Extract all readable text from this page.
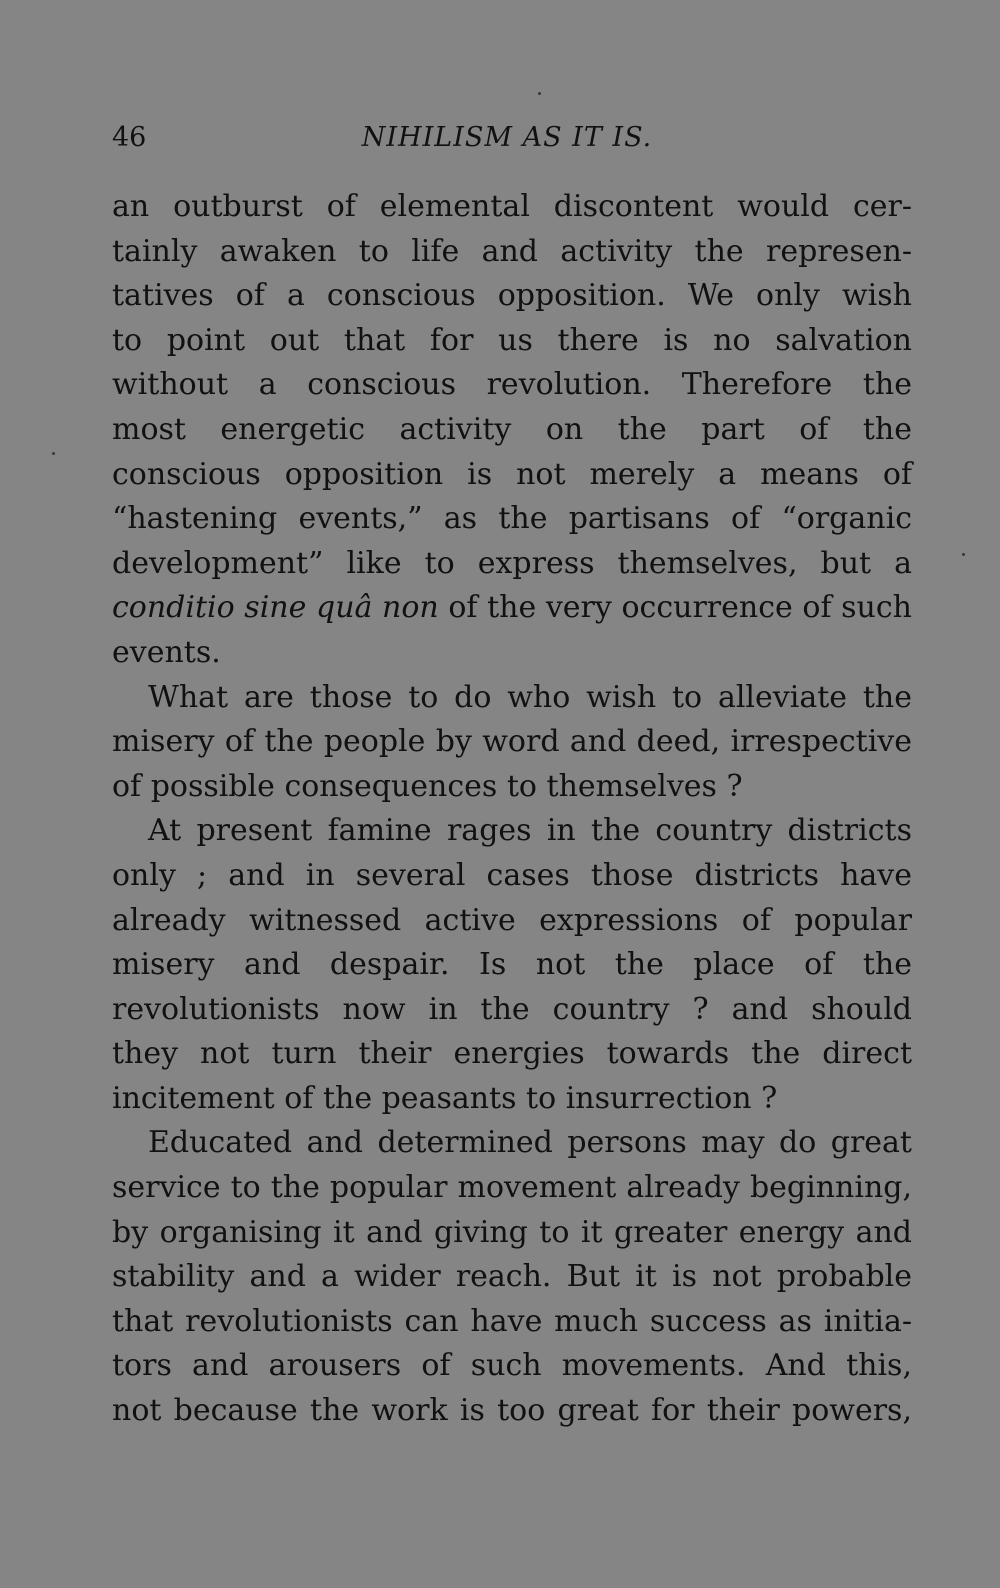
46	NIHILISM AS IT IS.
an outburst of elemental discontent would cer-
tainly awaken to life and activity the represen-
tatives of a conscious opposition. We only wish
to point out that for us there is no salvation
without a conscious revolution. Therefore the
most energetic activity on the part of the
conscious opposition is not merely a means of
“hastening events,” as the partisans of “organic
development” like to express themselves, but a
conditio sine quâ non of the very occurrence of such
events.
What are those to do who wish to alleviate the
misery of the people by word and deed, irrespective
of possible consequences to themselves ?
At present famine rages in the country districts
only ; and in several cases those districts have
already witnessed active expressions of popular
misery and despair. Is not the place of the
revolutionists now in the country ? and should
they not turn their energies towards the direct
incitement of the peasants to insurrection ?
Educated and determined persons may do great
service to the popular movement already beginning,
by organising it and giving to it greater energy and
stability and a wider reach. But it is not probable
that revolutionists can have much success as initia-
tors and arousers of such movements. And this,
not because the work is too great for their powers,
